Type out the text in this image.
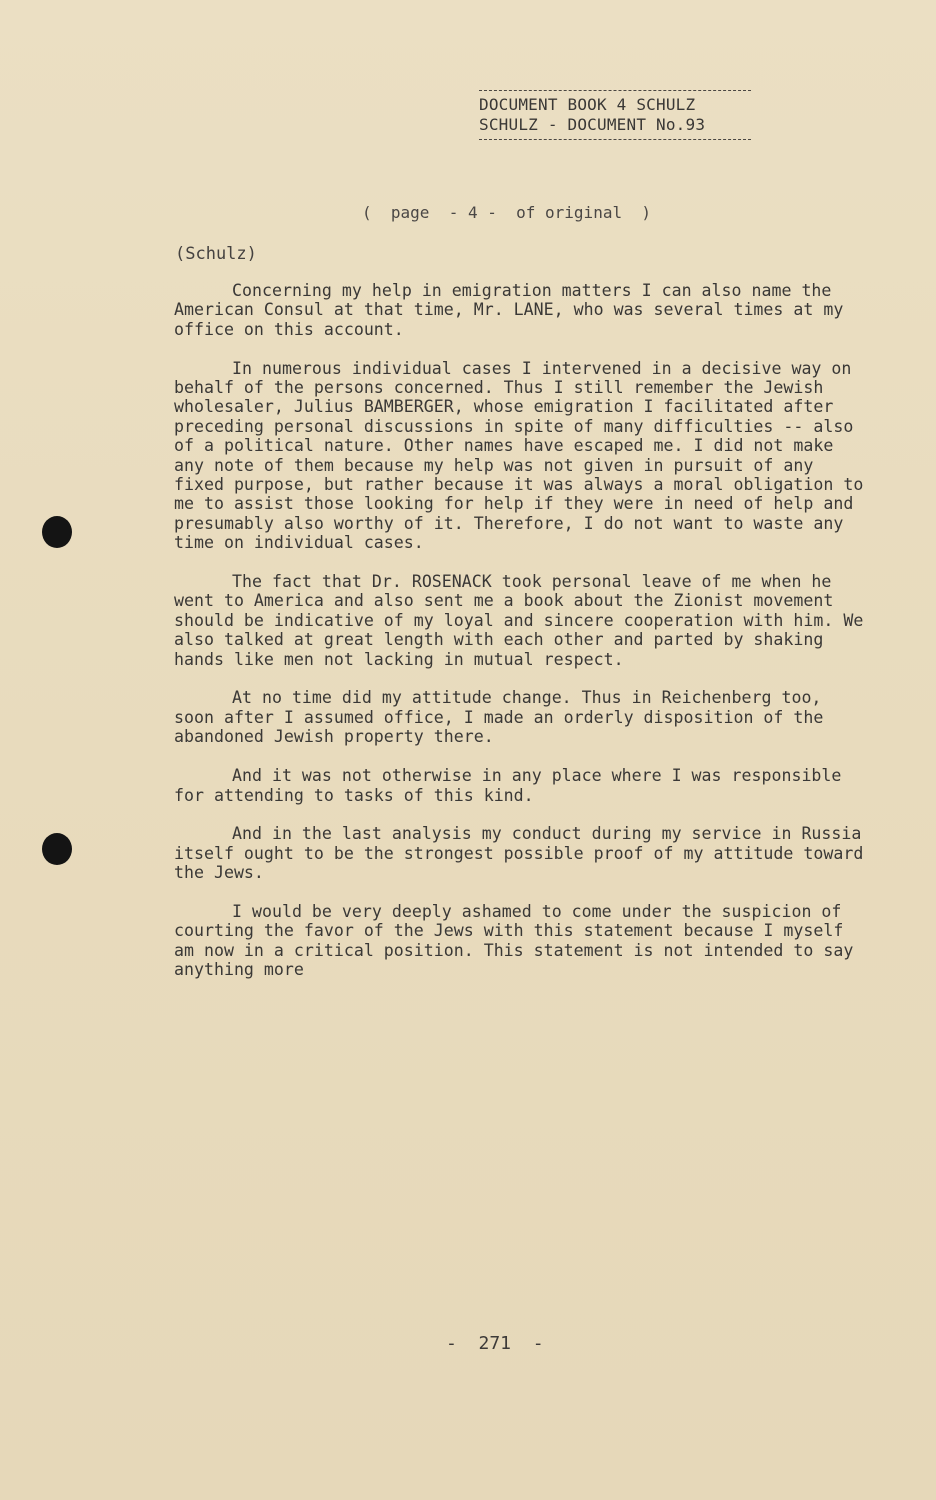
DOCUMENT BOOK 4 SCHULZ
SCHULZ - DOCUMENT No.93
(  page  - 4 -  of original  )
(Schulz)

Concerning my help in emigration matters I can also name the American Consul at that time, Mr. LANE, who was several times at my office on this account.

In numerous individual cases I intervened in a decisive way on behalf of the persons concerned. Thus I still remember the Jewish wholesaler, Julius BAMBERGER, whose emigration I facilitated after preceding personal discussions in spite of many difficulties -- also of a political nature. Other names have escaped me. I did not make any note of them because my help was not given in pursuit of any fixed purpose, but rather because it was always a moral obligation to me to assist those looking for help if they were in need of help and presumably also worthy of it. Therefore, I do not want to waste any time on individual cases.

The fact that Dr. ROSENACK took personal leave of me when he went to America and also sent me a book about the Zionist movement should be indicative of my loyal and sincere cooperation with him. We also talked at great length with each other and parted by shaking hands like men not lacking in mutual respect.

At no time did my attitude change. Thus in Reichenberg too, soon after I assumed office, I made an orderly disposition of the abandoned Jewish property there.

And it was not otherwise in any place where I was responsible for attending to tasks of this kind.

And in the last analysis my conduct during my service in Russia itself ought to be the strongest possible proof of my attitude toward the Jews.

I would be very deeply ashamed to come under the suspicion of courting the favor of the Jews with this statement because I myself am now in a critical position. This statement is not intended to say anything more

-  271  -
